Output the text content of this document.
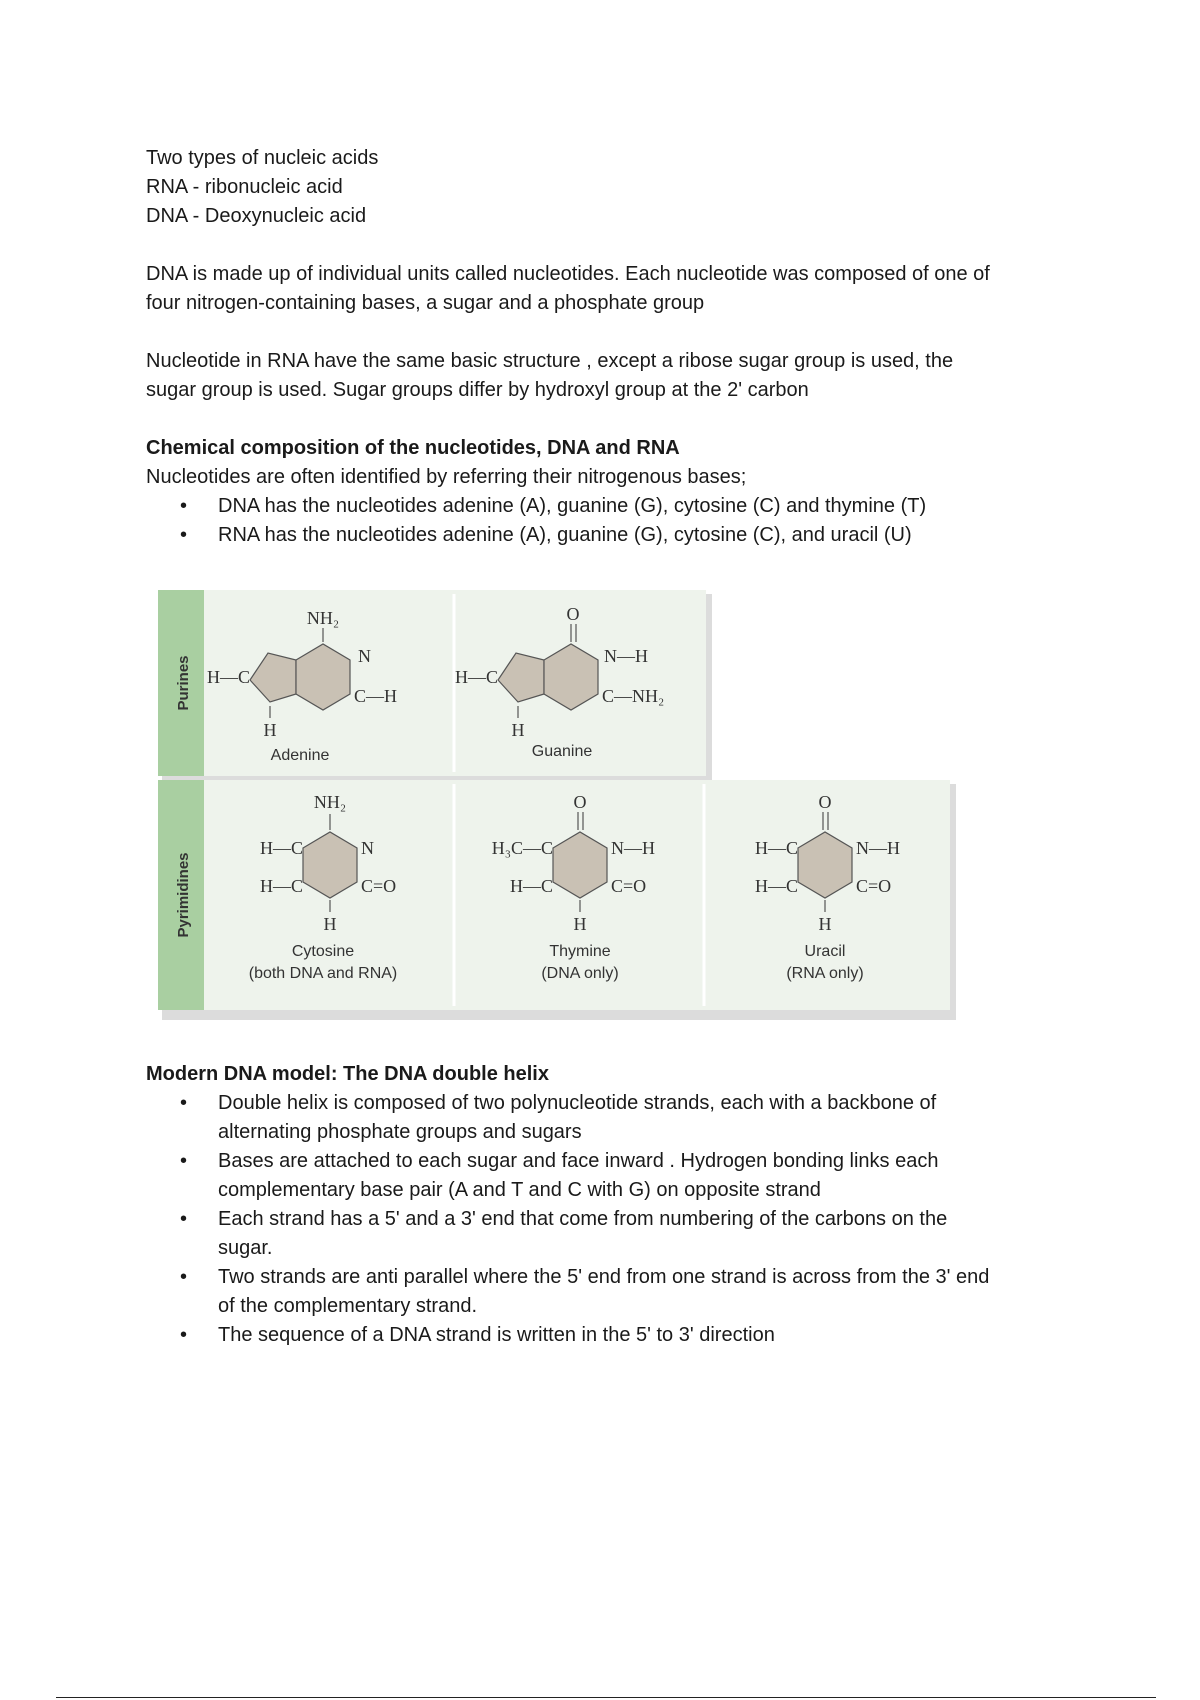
Two types of nucleic acids
RNA - ribonucleic acid
DNA - Deoxynucleic acid
DNA is made up of individual units called nucleotides. Each nucleotide was composed of one of
four nitrogen-containing bases, a sugar and a phosphate group
Nucleotide in RNA have the same basic structure , except a ribose sugar group is used, the
sugar group is used. Sugar groups differ by hydroxyl group at the 2' carbon
Chemical composition of the nucleotides, DNA and RNA
Nucleotides are often identified by referring their nitrogenous bases;
• DNA has the nucleotides adenine (A), guanine (G), cytosine (C) and thymine (T)
• RNA has the nucleotides adenine (A), guanine (G), cytosine (C), and uracil (U)
Purines
Pyrimidines
NH₂
H—C
N
C—H
H
Adenine
O
H—C
N—H
C—NH₂
H
Guanine
NH₂
H—C
H—C
N
C=O
H
Cytosine
(both DNA and RNA)
O
H₃C—C
H—C
N—H
C=O
H
Thymine
(DNA only)
O
H—C
H—C
N—H
C=O
H
Uracil
(RNA only)
Modern DNA model: The DNA double helix
• Double helix is composed of two polynucleotide strands, each with a backbone of
alternating phosphate groups and sugars
• Bases are attached to each sugar and face inward . Hydrogen bonding links each
complementary base pair (A and T and C with G) on opposite strand
• Each strand has a 5' and a 3' end that come from numbering of the carbons on the
sugar.
• Two strands are anti parallel where the 5' end from one strand is across from the 3' end
of the complementary strand.
• The sequence of a DNA strand is written in the 5' to 3' direction
